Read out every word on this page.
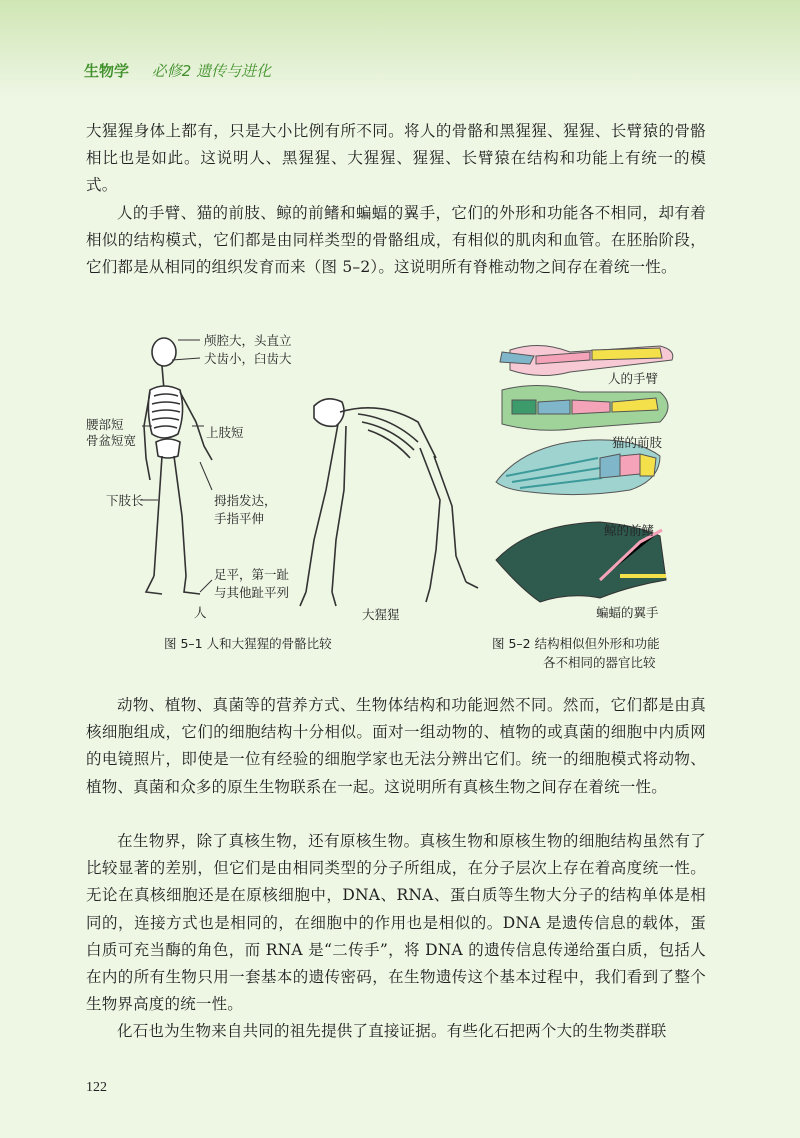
生物学 必修2 遗传与进化

大猩猩身体上都有，只是大小比例有所不同。将人的骨骼和黑猩猩、猩猩、长臂猿的骨骼相比也是如此。这说明人、黑猩猩、大猩猩、猩猩、长臂猿在结构和功能上有统一的模式。

人的手臂、猫的前肢、鲸的前鳍和蝙蝠的翼手，它们的外形和功能各不相同，却有着相似的结构模式，它们都是由同样类型的骨骼组成，有相似的肌肉和血管。在胚胎阶段，它们都是从相同的组织发育而来（图 5–2）。这说明所有脊椎动物之间存在着统一性。

颅腔大，头直立
犬齿小，臼齿大
腰部短
骨盆短宽
上肢短
下肢长	拇指发达，
手指平伸
足平，第一趾
与其他趾平列
人	大猩猩
人的手臂
猫的前肢
鲸的前鳍
蝙蝠的翼手
图 5–1 人和大猩猩的骨骼比较	图 5–2 结构相似但外形和功能
各不相同的器官比较

动物、植物、真菌等的营养方式、生物体结构和功能迥然不同。然而，它们都是由真核细胞组成，它们的细胞结构十分相似。面对一组动物的、植物的或真菌的细胞中内质网的电镜照片，即使是一位有经验的细胞学家也无法分辨出它们。统一的细胞模式将动物、植物、真菌和众多的原生生物联系在一起。这说明所有真核生物之间存在着统一性。

在生物界，除了真核生物，还有原核生物。真核生物和原核生物的细胞结构虽然有了比较显著的差别，但它们是由相同类型的分子所组成，在分子层次上存在着高度统一性。无论在真核细胞还是在原核细胞中，DNA、RNA、蛋白质等生物大分子的结构单体是相同的，连接方式也是相同的，在细胞中的作用也是相似的。DNA 是遗传信息的载体，蛋白质可充当酶的角色，而 RNA 是“二传手”，将 DNA 的遗传信息传递给蛋白质，包括人在内的所有生物只用一套基本的遗传密码，在生物遗传这个基本过程中，我们看到了整个生物界高度的统一性。

化石也为生物来自共同的祖先提供了直接证据。有些化石把两个大的生物类群联

122
